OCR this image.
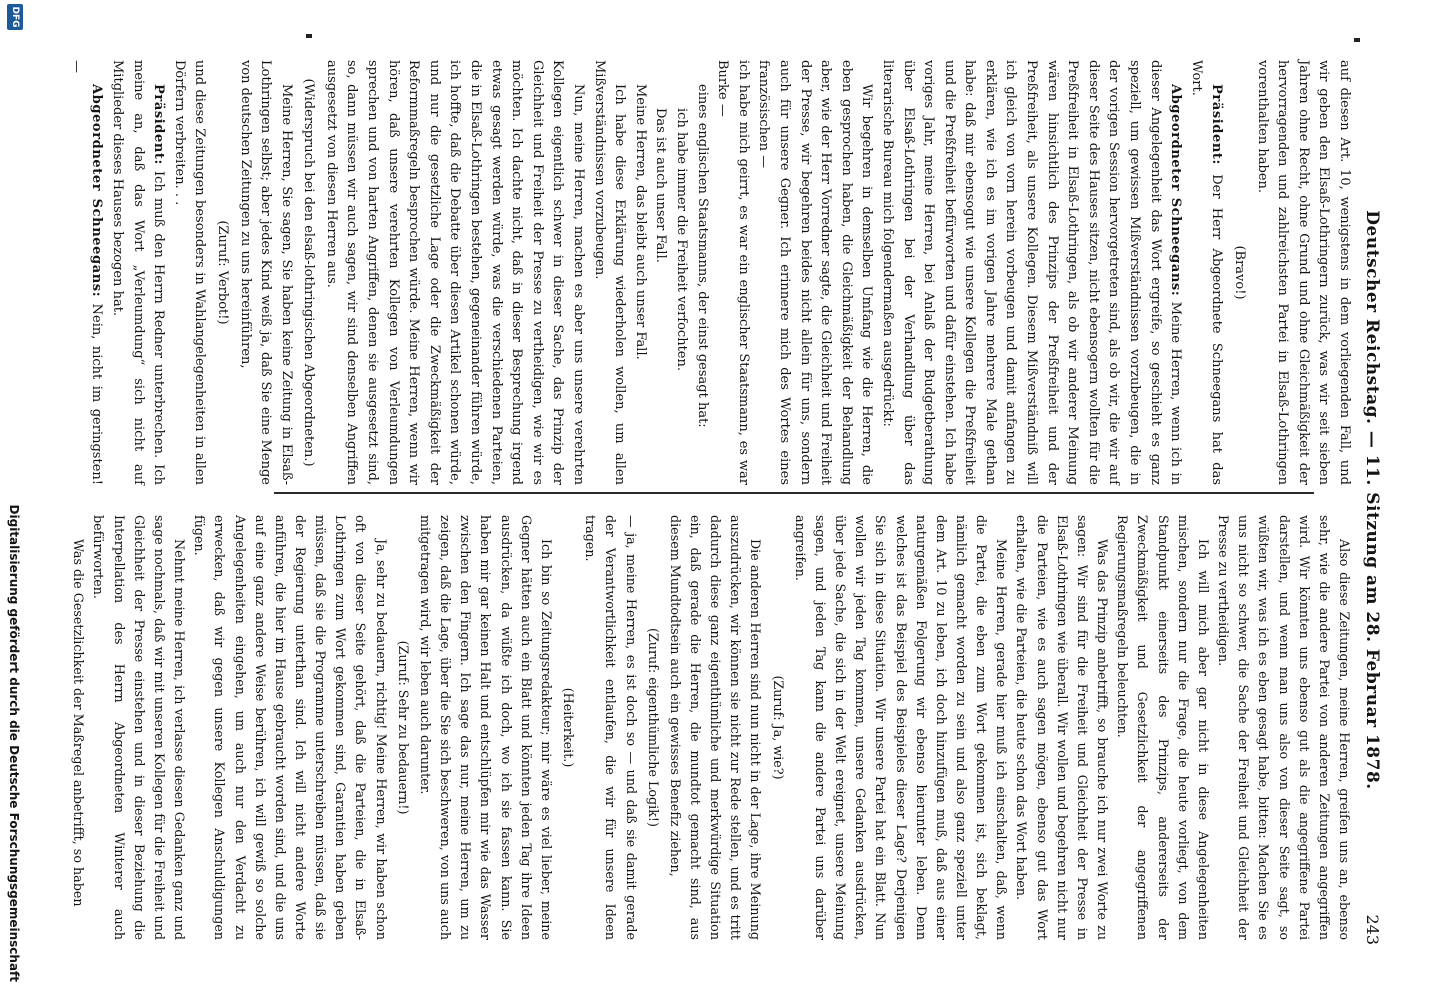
Deutscher Reichstag. — 11. Sitzung am 28. Februar 1878.
243

auf diesen Art. 10, wenigstens in dem vorliegenden Fall, und wir geben den Elsaß-Lothringern zurück, was wir seit sieben Jahren ohne Recht, ohne Grund und ohne Gleichmäßigkeit der hervorragenden und zahlreichsten Partei in Elsaß-Lothringen vorenthalten haben.

(Bravo!)

Präsident: Der Herr Abgeordnete Schneegans hat das Wort.

Abgeordneter Schneegans: Meine Herren, wenn ich in dieser Angelegenheit das Wort ergreife, so geschieht es ganz speziell, um gewissen Mißverständnissen vorzubeugen, die in der vorigen Session hervorgetreten sind, als ob wir, die wir auf dieser Seite des Hauses sitzen, nicht ebensogern wollten für die Preßfreiheit in Elsaß-Lothringen, als ob wir anderer Meinung wären hinsichtlich des Prinzips der Preßfreiheit und der Preßfreiheit, als unsere Kollegen. Diesem Mißverständniß will ich gleich von vorn herein vorbeugen und damit anfangen zu erklären, wie ich es im vorigen Jahre mehrere Male gethan habe: daß mir ebensogut wie unsere Kollegen die Preßfreiheit und die Preßfreiheit befürworten und dafür einstehen. Ich habe voriges Jahr, meine Herren, bei Anlaß der Budgetberathung über Elsaß-Lothringen bei der Verhandlung über das literarische Bureau mich folgendermaßen ausgedrückt:

Wir begehren in demselben Umfang wie die Herren, die eben gesprochen haben, die Gleichmäßigkeit der Behandlung aber, wie der Herr Vorredner sagte, die Gleichheit und Freiheit der Presse, wir begehren beides nicht allein für uns, sondern auch für unsere Gegner. Ich erinnere mich des Wortes eines französischen —

ich habe mich geirrt, es war ein englischer Staatsmann, es war Burke —

eines englischen Staatsmanns, der einst gesagt hat:

ich habe immer die Freiheit verfochten.

Das ist auch unser Fall.

Meine Herren, das bleibt auch unser Fall.

Ich habe diese Erklärung wiederholen wollen, um allen Mißverständnissen vorzubeugen.

Nun, meine Herren, machen es aber uns unsere verehrten Kollegen eigentlich schwer in dieser Sache, das Prinzip der Gleichheit und Freiheit der Presse zu vertheidigen, wie wir es möchten. Ich dachte nicht, daß in dieser Besprechung irgend etwas gesagt werden würde, was die verschiedenen Parteien, die in Elsaß-Lothringen bestehen, gegeneinander führen würde, ich hoffte, daß die Debatte über diesen Artikel schonen würde, und nur die gesetzliche Lage oder die Zweckmäßigkeit der Reformmaßregeln besprochen würde. Meine Herren, wenn wir hören, daß unsere verehrten Kollegen von Verleumdungen sprechen und von harten Angriffen, denen sie ausgesetzt sind, so, dann müssen wir auch sagen, wir sind denselben Angriffen ausgesetzt von diesen Herren aus.

(Widerspruch bei den elsaß-lothringischen Abgeordneten.)

Meine Herren, Sie sagen, Sie haben keine Zeitung in Elsaß-Lothringen selbst; aber jedes Kind weiß ja, daß Sie eine Menge von deutschen Zeitungen zu uns hereinführen,

(Zuruf: Verbot!)

und diese Zeitungen besonders in Wahlangelegenheiten in allen Dörfern verbreiten. . .

Präsident: Ich muß den Herrn Redner unterbrechen. Ich meine an, daß das Wort „Verleumdung“ sich nicht auf Mitglieder dieses Hauses bezogen hat.

Abgeordneter Schneegans: Nein, nicht im geringsten! —

Also diese Zeitungen, meine Herren, greifen uns an, ebenso sehr, wie die andere Partei von anderen Zeitungen angegriffen wird. Wir könnten uns ebenso gut als die angegriffene Partei darstellen, und wenn man uns also von dieser Seite sagt, so wüßten wir, was ich es eben gesagt habe, bitten: Machen Sie es uns nicht so schwer, die Sache der Freiheit und Gleichheit der Presse zu vertheidigen.

Ich will mich aber gar nicht in diese Angelegenheiten mischen, sondern nur die Frage, die heute vorliegt, von dem Standpunkt einerseits des Prinzips, andererseits der Zweckmäßigkeit und Gesetzlichkeit der angegriffenen Regierungsmaßregeln beleuchten.

Was das Prinzip anbetrifft, so brauche ich nur zwei Worte zu sagen: Wir sind für die Freiheit und Gleichheit der Presse in Elsaß-Lothringen wie überall. Wir wollen und begehren nicht nur die Parteien, wie es auch sagen mögen, ebenso gut das Wort erhalten, wie die Parteien, die heute schon das Wort haben.

Meine Herren, gerade hier muß ich einschalten, daß, wenn die Partei, die eben zum Wort gekommen ist, sich beklagt, nämlich gemacht worden zu sein und also ganz speziell unter dem Art. 10 zu leben, ich doch hinzufügen muß, daß aus einer naturgemäßen Folgerung wir ebenso hierunter leben. Denn welches ist das Beispiel des Beispieles dieser Lage? Derjenigen Sie sich in diese Situation. Wir unsere Partei hat ein Blatt. Nun wollen wir jeden Tag kommen, unsere Gedanken ausdrücken, über jede Sache, die sich in der Welt ereignet, unsere Meinung sagen, und jeden Tag kann die andere Partei uns darüber angreifen.

(Zuruf: Ja, wie?)

Die anderen Herren sind nun nicht in der Lage, ihre Meinung auszudrücken, wir können sie nicht zur Rede stellen, und es tritt dadurch diese ganz eigenthümliche und merkwürdige Situation ein, daß gerade die Herren, die mundtot gemacht sind, aus diesem Mundtodtsein auch ein gewisses Benefiz ziehen,

(Zuruf: eigenthümliche Logik!)

— ja, meine Herren, es ist doch so — und daß sie damit gerade der Verantwortlichkeit entlaufen, die wir für unsere Ideen tragen.

(Heiterkeit.)

Ich bin so Zeitungsredakteur; mir wäre es viel lieber, meine Gegner hätten auch ein Blatt und könnten jeden Tag ihre Ideen ausdrücken, da wüßte ich doch, wo ich sie fassen kann. Sie haben mir gar keinen Halt und entschlüpfen mir wie das Wasser zwischen den Fingern. Ich sage das nur, meine Herren, um zu zeigen, daß die Lage, über die Sie sich beschweren, von uns auch mitgetragen wird, wir leben auch darunter.

(Zuruf: Sehr zu bedauern!)

Ja, sehr zu bedauern, richtig! Meine Herren, wir haben schon oft von dieser Seite gehört, daß die Parteien, die in Elsaß-Lothringen zum Wort gekommen sind, Garantien haben geben müssen, daß sie die Programme unterschreiben müssen, daß sie der Regierung unterthan sind. Ich will nicht andere Worte anführen, die hier im Hause gebraucht worden sind, und die uns auf eine ganz andere Weise berühren, ich will gewiß so solche Angelegenheiten eingehen, um auch nur den Verdacht zu erwecken, daß wir gegen unsere Kollegen Anschuldigungen fügen.

Nehmt meine Herren, ich verlasse diesen Gedanken ganz und sage nochmals, daß wir mit unseren Kollegen für die Freiheit und Gleichheit der Presse einstehen und in dieser Beziehung die Interpellation des Herrn Abgeordneten Winterer auch befürworten.

Was die Gesetzlichkeit der Maßregel anbetrifft, so haben

DFG
Digitalisierung gefördert durch die Deutsche Forschungsgemeinschaft
